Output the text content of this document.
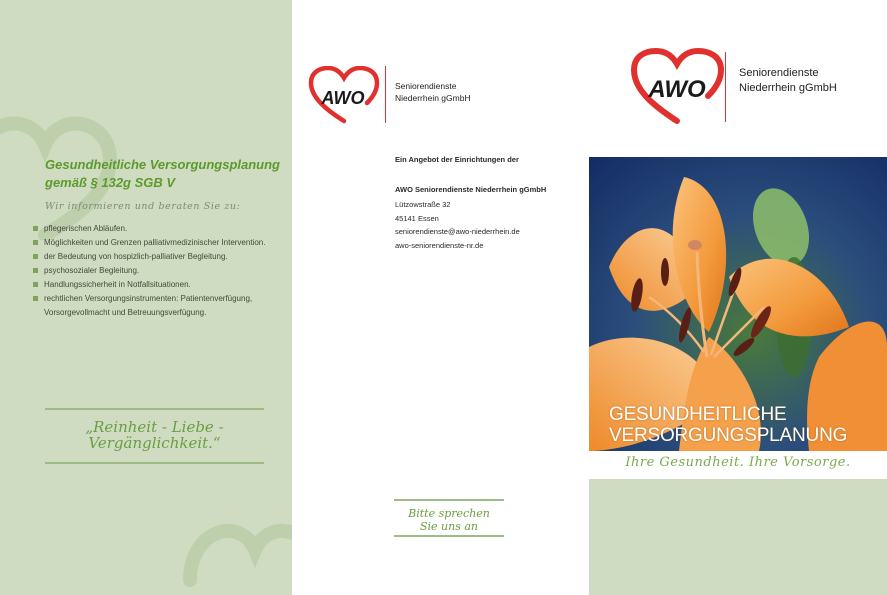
Gesundheitliche Versorgungsplanung
gemäß § 132g SGB V
Wir informieren und beraten Sie zu:
pflegerischen Abläufen.
Möglichkeiten und Grenzen palliativmedizinischer Intervention.
der Bedeutung von hospizlich-palliativer Begleitung.
psychosozialer Begleitung.
Handlungssicherheit in Notfallsituationen.
rechtlichen Versorgungsinstrumenten: Patientenverfügung,
Vorsorgevollmacht und Betreuungsverfügung.
„Reinheit - Liebe -
Vergänglichkeit.“
AWO
Seniorendienste
Niederrhein gGmbH
Ein Angebot der Einrichtungen der
AWO Seniorendienste Niederrhein gGmbH
Lützowstraße 32
45141 Essen
seniorendienste@awo-niederrhein.de
awo-seniorendienste-nr.de
Bitte sprechen
Sie uns an
AWO
Seniorendienste
Niederrhein gGmbH
GESUNDHEITLICHE
VERSORGUNGSPLANUNG
Ihre Gesundheit. Ihre Vorsorge.
